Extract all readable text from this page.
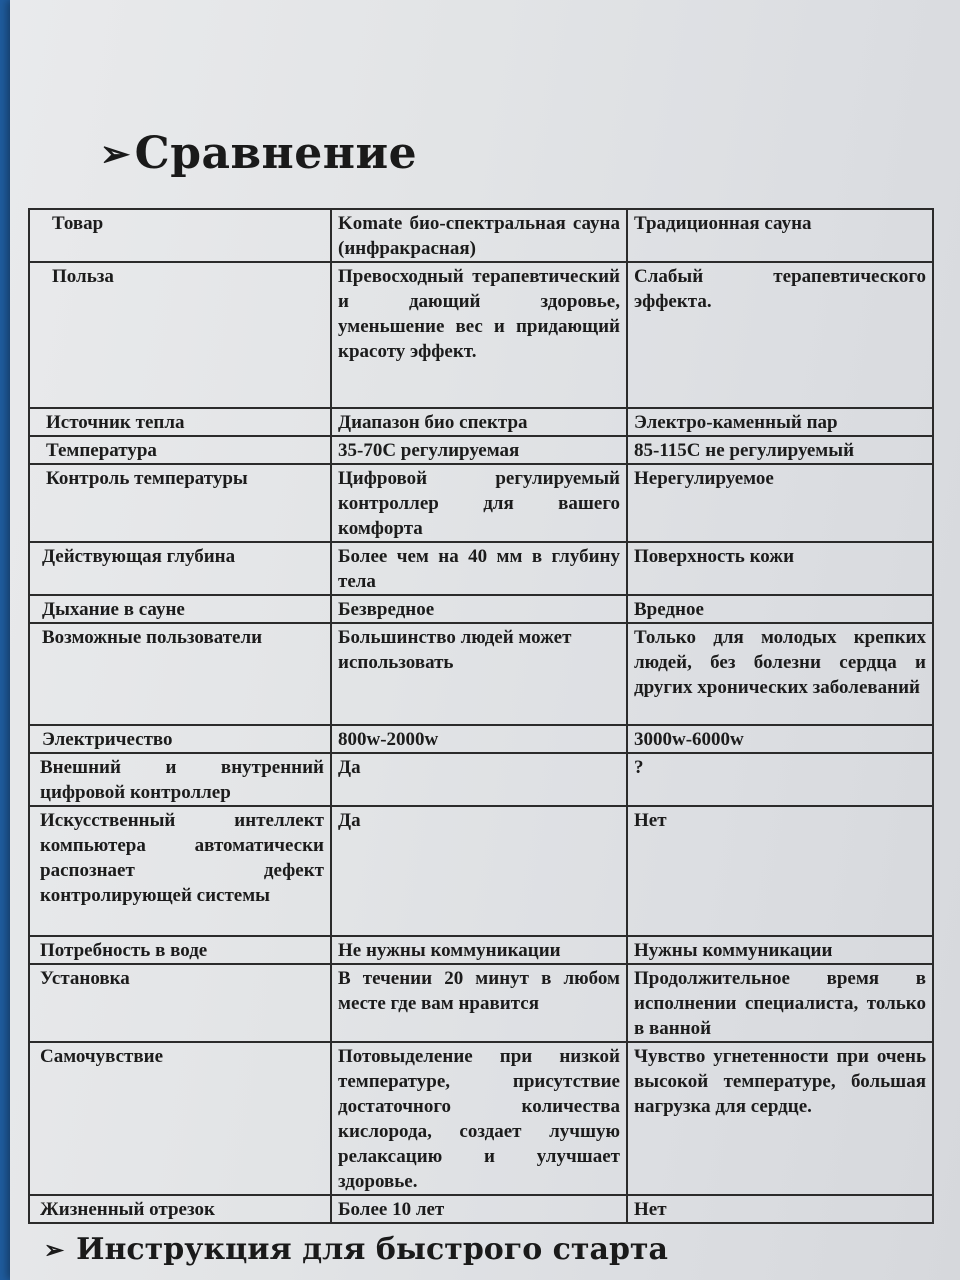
➢ Сравнение
Товар	Komate био-спектральная сауна (инфракрасная)	Традиционная сауна
Польза	Превосходный терапевтический и дающий здоровье, уменьшение вес и придающий красоту эффект.	Слабый терапевтического эффекта.
Источник тепла	Диапазон био спектра	Электро-каменный пар
Температура	35-70С регулируемая	85-115С не регулируемый
Контроль температуры	Цифровой регулируемый контроллер для вашего комфорта	Нерегулируемое
Действующая глубина	Более чем на 40 мм в глубину тела	Поверхность кожи
Дыхание в сауне	Безвредное	Вредное
Возможные пользователи	Большинство людей может использовать	Только для молодых крепких людей, без болезни сердца и других хронических заболеваний
Электричество	800w-2000w	3000w-6000w
Внешний и внутренний цифровой контроллер	Да	?
Искусственный интеллект компьютера автоматически распознает дефект контролирующей системы	Да	Нет
Потребность в воде	Не нужны коммуникации	Нужны коммуникации
Установка	В течении 20 минут в любом месте где вам нравится	Продолжительное время в исполнении специалиста, только в ванной
Самочувствие	Потовыделение при низкой температуре, присутствие достаточного количества кислорода, создает лучшую релаксацию и улучшает здоровье.	Чувство угнетенности при очень высокой температуре, большая нагрузка для сердце.
Жизненный отрезок	Более 10 лет	Нет
➢ Инструкция для быстрого старта
